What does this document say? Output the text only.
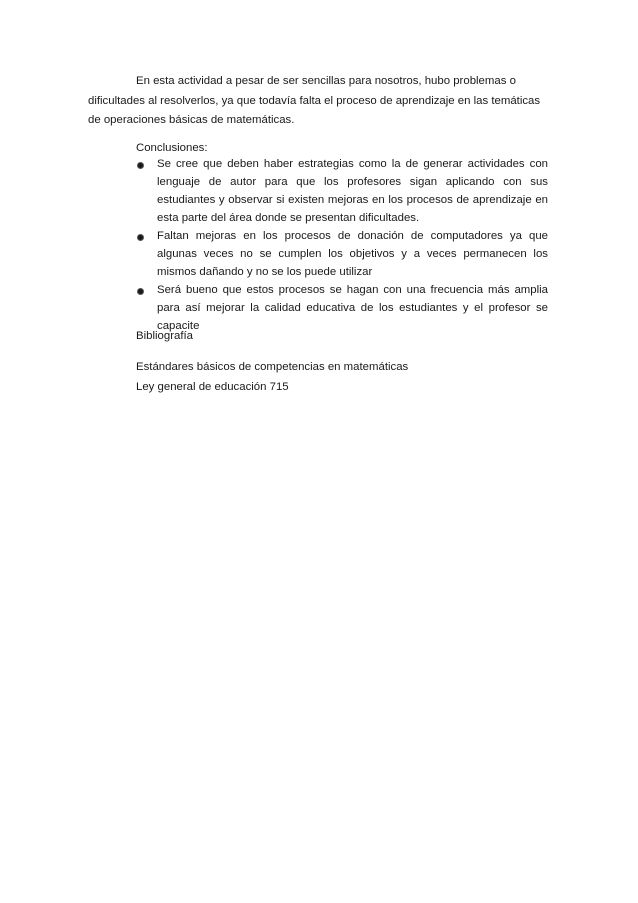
En esta actividad a pesar de ser sencillas para nosotros, hubo problemas o dificultades al resolverlos, ya que todavía falta el proceso de aprendizaje en las temáticas de operaciones básicas de matemáticas.

Conclusiones:

Se cree que deben haber estrategias como la de generar actividades con lenguaje de autor para que los profesores sigan aplicando con sus estudiantes y observar si existen mejoras en los procesos de aprendizaje en esta parte del área donde se presentan dificultades.
Faltan mejoras en los procesos de donación de computadores ya que algunas veces no se cumplen los objetivos y a veces permanecen los mismos dañando y no se los puede utilizar
Será bueno que estos procesos se hagan con una frecuencia más amplia para así mejorar la calidad educativa de los estudiantes y el profesor se capacite

Bibliografía

Estándares básicos de competencias en matemáticas
Ley general de educación 715
